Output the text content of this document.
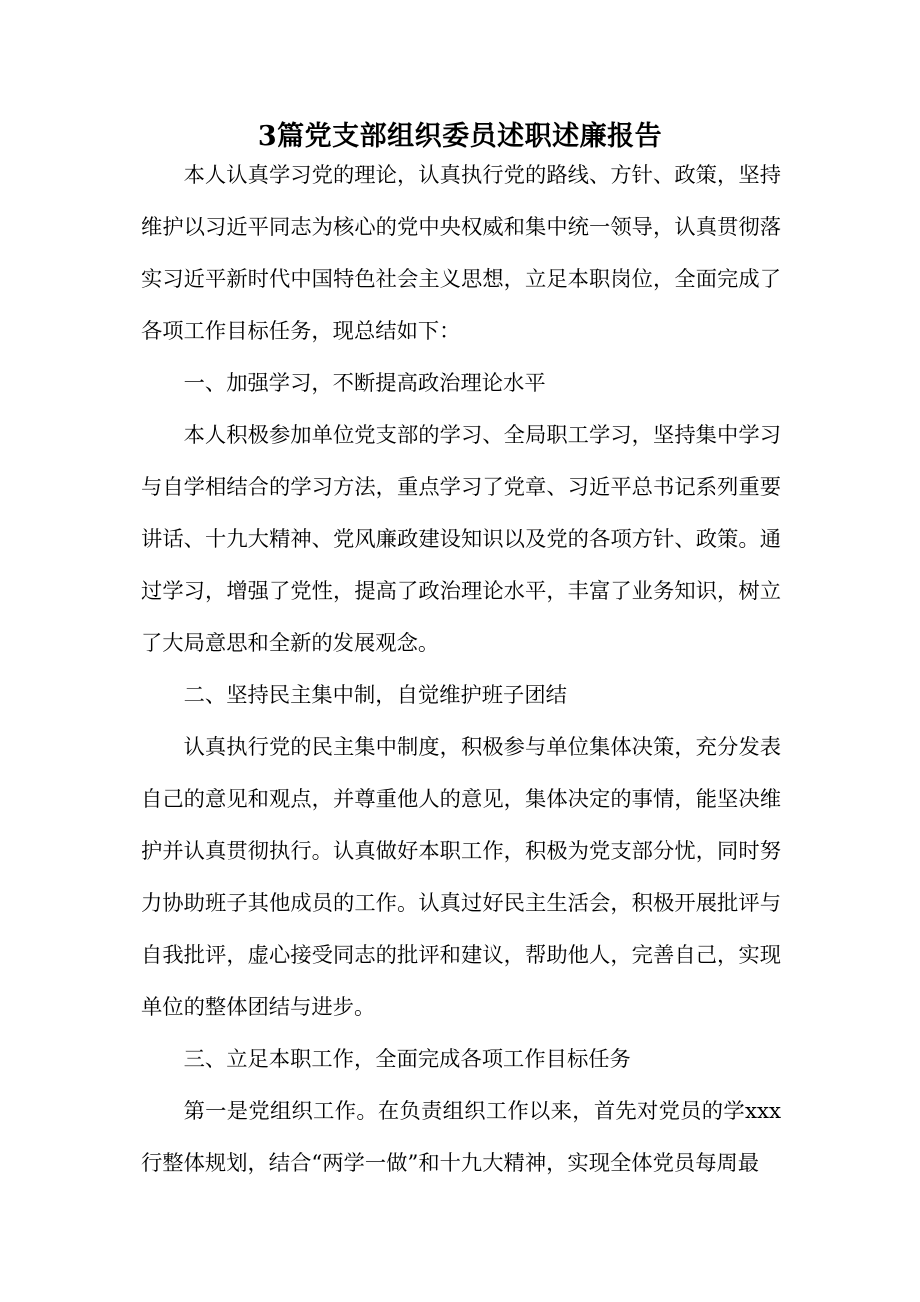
3篇党支部组织委员述职述廉报告

本人认真学习党的理论，认真执行党的路线、方针、政策，坚持维护以习近平同志为核心的党中央权威和集中统一领导，认真贯彻落实习近平新时代中国特色社会主义思想，立足本职岗位，全面完成了各项工作目标任务，现总结如下：

一、加强学习，不断提高政治理论水平

本人积极参加单位党支部的学习、全局职工学习，坚持集中学习与自学相结合的学习方法，重点学习了党章、习近平总书记系列重要讲话、十九大精神、党风廉政建设知识以及党的各项方针、政策。通过学习，增强了党性，提高了政治理论水平，丰富了业务知识，树立了大局意思和全新的发展观念。

二、坚持民主集中制，自觉维护班子团结

认真执行党的民主集中制度，积极参与单位集体决策，充分发表自己的意见和观点，并尊重他人的意见，集体决定的事情，能坚决维护并认真贯彻执行。认真做好本职工作，积极为党支部分忧，同时努力协助班子其他成员的工作。认真过好民主生活会，积极开展批评与自我批评，虚心接受同志的批评和建议，帮助他人，完善自己，实现单位的整体团结与进步。

三、立足本职工作，全面完成各项工作目标任务

第一是党组织工作。在负责组织工作以来，首先对党员的学xxx行整体规划，结合“两学一做”和十九大精神，实现全体党员每周最
